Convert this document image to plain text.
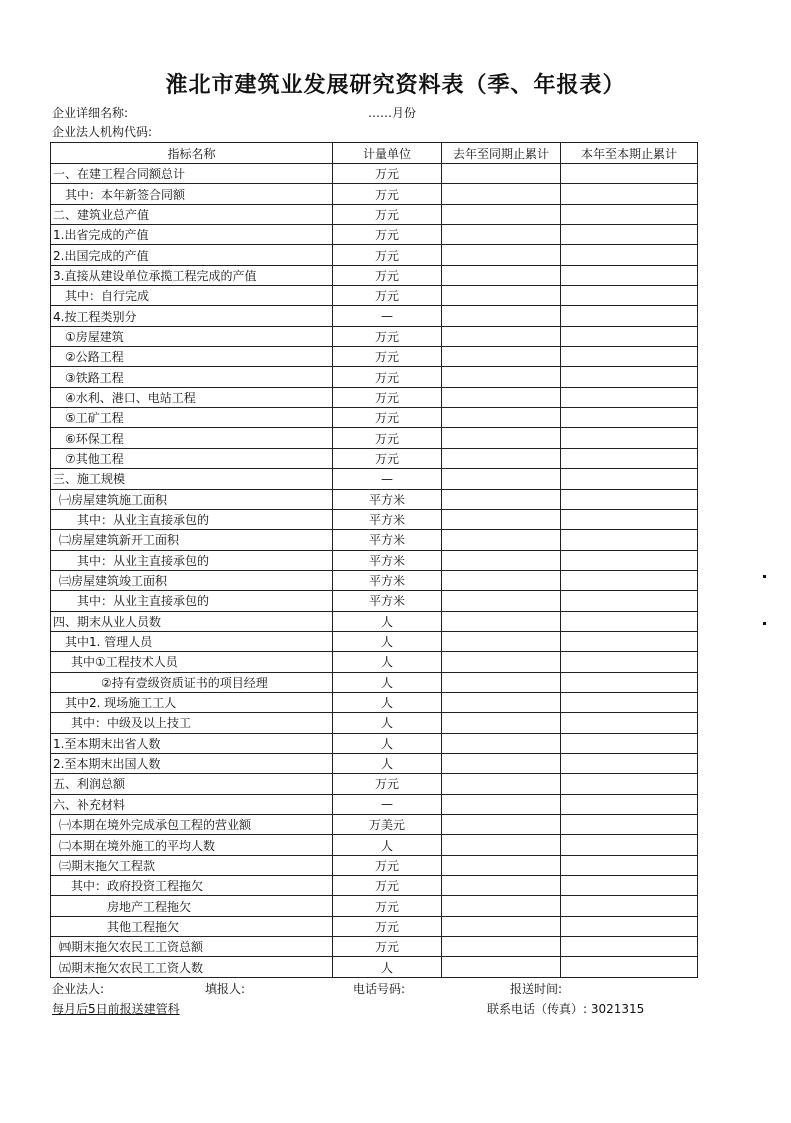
淮北市建筑业发展研究资料表（季、年报表）
企业详细名称:	……月份
企业法人机构代码:
指标名称	计量单位	去年至同期止累计	本年至本期止累计
一、在建工程合同额总计	万元		
其中：本年新签合同额	万元		
二、建筑业总产值	万元		
1.出省完成的产值	万元		
2.出国完成的产值	万元		
3.直接从建设单位承揽工程完成的产值	万元		
其中：自行完成	万元		
4.按工程类别分	—		
①房屋建筑	万元		
②公路工程	万元		
③铁路工程	万元		
④水利、港口、电站工程	万元		
⑤工矿工程	万元		
⑥环保工程	万元		
⑦其他工程	万元		
三、施工规模	—		
㈠房屋建筑施工面积	平方米		
其中：从业主直接承包的	平方米		
㈡房屋建筑新开工面积	平方米		
其中：从业主直接承包的	平方米		
㈢房屋建筑竣工面积	平方米		
其中：从业主直接承包的	平方米		
四、期末从业人员数	人		
其中1. 管理人员	人		
其中①工程技术人员	人		
②持有壹级资质证书的项目经理	人		
其中2. 现场施工工人	人		
其中：中级及以上技工	人		
1.至本期末出省人数	人		
2.至本期末出国人数	人		
五、利润总额	万元		
六、补充材料	—		
㈠本期在境外完成承包工程的营业额	万美元		
㈡本期在境外施工的平均人数	人		
㈢期末拖欠工程款	万元		
其中：政府投资工程拖欠	万元		
房地产工程拖欠	万元		
其他工程拖欠	万元		
㈣期末拖欠农民工工资总额	万元		
㈤期末拖欠农民工工资人数	人		
企业法人:	填报人:	电话号码:	报送时间:
每月后5日前报送建管科	联系电话（传真）: 3021315
